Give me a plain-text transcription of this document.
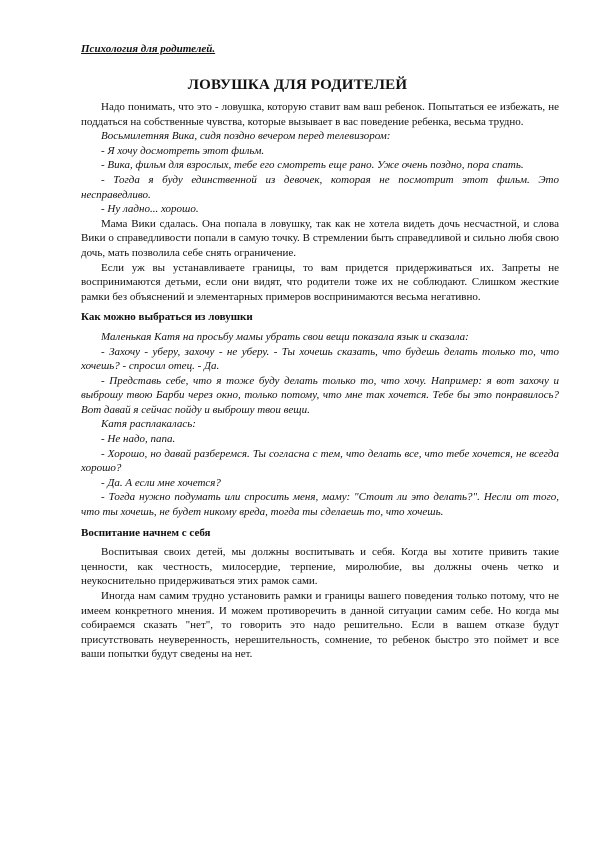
Психология для родителей.
ЛОВУШКА ДЛЯ РОДИТЕЛЕЙ

Надо понимать, что это - ловушка, которую ставит вам ваш ребенок. Попытаться ее избежать, не поддаться на собственные чувства, которые вызывает в вас поведение ребенка, весьма трудно.

Восьмилетняя Вика, сидя поздно вечером перед телевизором:

- Я хочу досмотреть этот фильм.

- Вика, фильм для взрослых, тебе его смотреть еще рано. Уже очень поздно, пора спать.

- Тогда я буду единственной из девочек, которая не посмотрит этот фильм. Это несправедливо.

- Ну ладно... хорошо.

Мама Вики сдалась. Она попала в ловушку, так как не хотела видеть дочь несчастной, и слова Вики о справедливости попали в самую точку. В стремлении быть справедливой и сильно любя свою дочь, мать позволила себе снять ограничение.

Если уж вы устанавливаете границы, то вам придется придерживаться их. Запреты не воспринимаются детьми, если они видят, что родители тоже их не соблюдают. Слишком жесткие рамки без объяснений и элементарных примеров воспринимаются весьма негативно.

Как можно выбраться из ловушки

Маленькая Катя на просьбу мамы убрать свои вещи показала язык и сказала:

- Захочу - уберу, захочу - не уберу. - Ты хочешь сказать, что будешь делать только то, что хочешь? - спросил отец. - Да.

- Представь себе, что я тоже буду делать только то, что хочу. Например: я вот захочу и выброшу твою Барби через окно, только потому, что мне так хочется. Тебе бы это понравилось? Вот давай я сейчас пойду и выброшу твои вещи.

Катя расплакалась:

- Не надо, папа.

- Хорошо, но давай разберемся. Ты согласна с тем, что делать все, что тебе хочется, не всегда хорошо?

- Да. А если мне хочется?

- Тогда нужно подумать или спросить меня, маму: "Стоит ли это делать?". Несли от того, что ты хочешь, не будет никому вреда, тогда ты сделаешь то, что хочешь.

Воспитание начнем с себя

Воспитывая своих детей, мы должны воспитывать и себя. Когда вы хотите привить такие ценности, как честность, милосердие, терпение, миролюбие, вы должны очень четко и неукоснительно придерживаться этих рамок сами.

Иногда нам самим трудно установить рамки и границы вашего поведения только потому, что не имеем конкретного мнения. И можем противоречить в данной ситуации самим себе. Но когда мы собираемся сказать "нет", то говорить это надо решительно. Если в вашем отказе будут присутствовать неуверенность, нерешительность, сомнение, то ребенок быстро это поймет и все ваши попытки будут сведены на нет.
